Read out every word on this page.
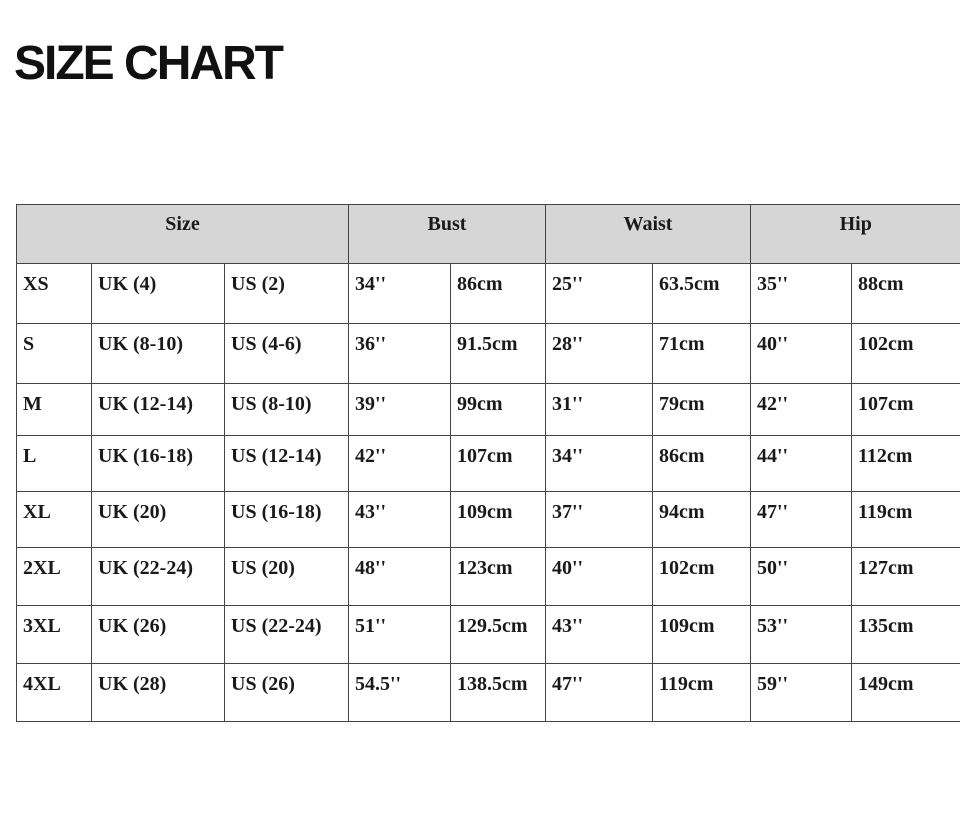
SIZE CHART
Size			Bust		Waist		Hip	
XS	UK (4)	US (2)	34''	86cm	25''	63.5cm	35''	88cm
S	UK (8-10)	US (4-6)	36''	91.5cm	28''	71cm	40''	102cm
M	UK (12-14)	US (8-10)	39''	99cm	31''	79cm	42''	107cm
L	UK (16-18)	US (12-14)	42''	107cm	34''	86cm	44''	112cm
XL	UK (20)	US (16-18)	43''	109cm	37''	94cm	47''	119cm
2XL	UK (22-24)	US (20)	48''	123cm	40''	102cm	50''	127cm
3XL	UK (26)	US (22-24)	51''	129.5cm	43''	109cm	53''	135cm
4XL	UK (28)	US (26)	54.5''	138.5cm	47''	119cm	59''	149cm
